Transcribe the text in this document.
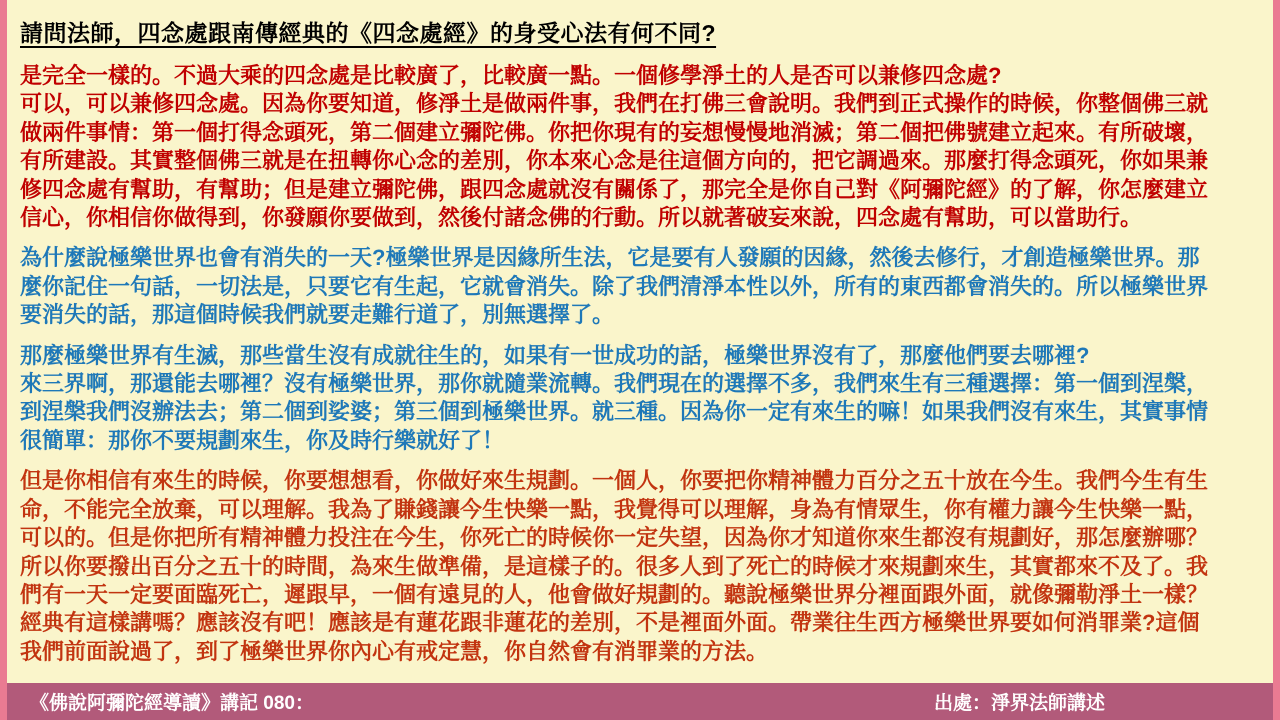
請問法師，四念處跟南傳經典的《四念處經》的身受心法有何不同?
是完全一樣的。不過大乘的四念處是比較廣了，比較廣一點。一個修學淨土的人是否可以兼修四念處?
可以，可以兼修四念處。因為你要知道，修淨土是做兩件事，我們在打佛三會說明。我們到正式操作的時候，你整個佛三就
做兩件事情：第一個打得念頭死，第二個建立彌陀佛。你把你現有的妄想慢慢地消滅；第二個把佛號建立起來。有所破壞，
有所建設。其實整個佛三就是在扭轉你心念的差別，你本來心念是往這個方向的，把它調過來。那麼打得念頭死，你如果兼
修四念處有幫助，有幫助；但是建立彌陀佛，跟四念處就沒有關係了，那完全是你自己對《阿彌陀經》的了解，你怎麼建立
信心，你相信你做得到，你發願你要做到，然後付諸念佛的行動。所以就著破妄來說，四念處有幫助，可以當助行。
為什麼說極樂世界也會有消失的一天?極樂世界是因緣所生法，它是要有人發願的因緣，然後去修行，才創造極樂世界。那
麼你記住一句話，一切法是，只要它有生起，它就會消失。除了我們清淨本性以外，所有的東西都會消失的。所以極樂世界
要消失的話，那這個時候我們就要走難行道了，別無選擇了。
那麼極樂世界有生滅，那些當生沒有成就往生的，如果有一世成功的話，極樂世界沒有了，那麼他們要去哪裡?
來三界啊，那還能去哪裡？沒有極樂世界，那你就隨業流轉。我們現在的選擇不多，我們來生有三種選擇：第一個到涅槃，
到涅槃我們沒辦法去；第二個到娑婆；第三個到極樂世界。就三種。因為你一定有來生的嘛！如果我們沒有來生，其實事情
很簡單：那你不要規劃來生，你及時行樂就好了！
但是你相信有來生的時候，你要想想看，你做好來生規劃。一個人，你要把你精神體力百分之五十放在今生。我們今生有生
命，不能完全放棄，可以理解。我為了賺錢讓今生快樂一點，我覺得可以理解，身為有情眾生，你有權力讓今生快樂一點，
可以的。但是你把所有精神體力投注在今生，你死亡的時候你一定失望，因為你才知道你來生都沒有規劃好，那怎麼辦哪？
所以你要撥出百分之五十的時間，為來生做準備，是這樣子的。很多人到了死亡的時候才來規劃來生，其實都來不及了。我
們有一天一定要面臨死亡，遲跟早，一個有遠見的人，他會做好規劃的。聽說極樂世界分裡面跟外面，就像彌勒淨土一樣？
經典有這樣講嗎？應該沒有吧！應該是有蓮花跟非蓮花的差別，不是裡面外面。帶業往生西方極樂世界要如何消罪業?這個
我們前面說過了，到了極樂世界你內心有戒定慧，你自然會有消罪業的方法。
《佛說阿彌陀經導讀》講記 080：	出處：淨界法師講述
